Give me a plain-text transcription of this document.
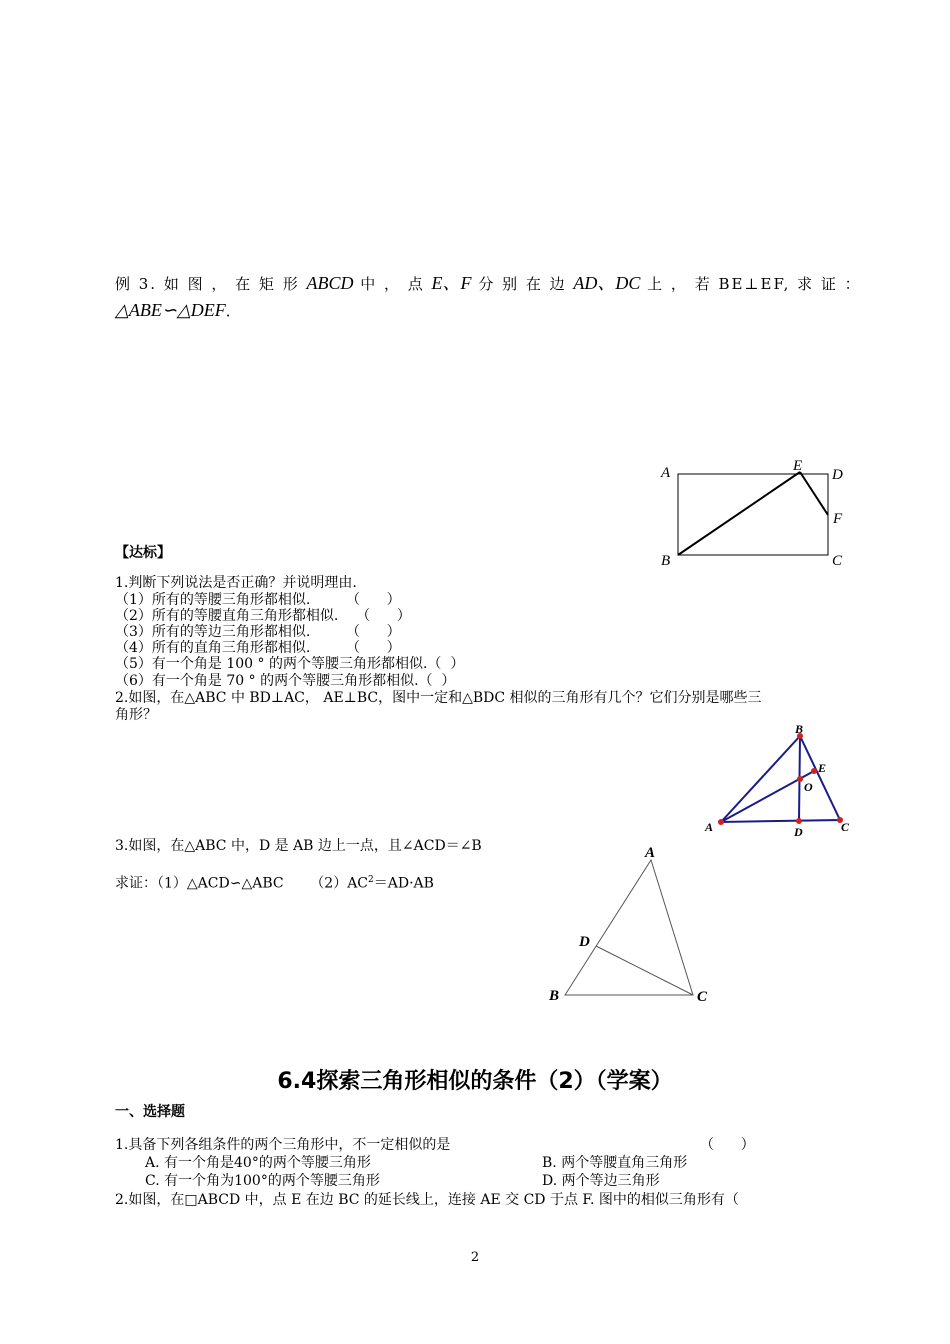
例 3. 如 图 ， 在 矩 形 ABCD 中 ， 点 E、F 分 别 在 边 AD、DC 上 ， 若 BE⊥EF, 求 证 ：
△ABE∽△DEF．
A	E
D
F
B	C
【达标】
1.判断下列说法是否正确？并说明理由.
（1）所有的等腰三角形都相似.        （      ）
（2）所有的等腰直角三角形都相似.    （      ）
（3）所有的等边三角形都相似.        （      ）
（4）所有的直角三角形都相似.        （      ）
（5）有一个角是 100 ° 的两个等腰三角形都相似.（  ）
（6）有一个角是 70 ° 的两个等腰三角形都相似.（  ）
2.如图，在△ABC 中 BD⊥AC， AE⊥BC，图中一定和△BDC 相似的三角形有几个？它们分别是哪些三
角形？
B
E
O
A	D	C
3.如图，在△ABC 中，D 是 AB 边上一点，且∠ACD＝∠B
求证：（1）△ACD∽△ABC      $(2)AC^2=AD\cdot AB$
A
D
B	C
6.4探索三角形相似的条件（2）（学案）
一、选择题
1.具备下列各组条件的两个三角形中，不一定相似的是	（      ）
A. 有一个角是40°的两个等腰三角形	B. 两个等腰直角三角形
C. 有一个角为100°的两个等腰三角形	D. 两个等边三角形
2.如图，在□ABCD 中，点 E 在边 BC 的延长线上，连接 AE 交 CD 于点 F. 图中的相似三角形有（
2
